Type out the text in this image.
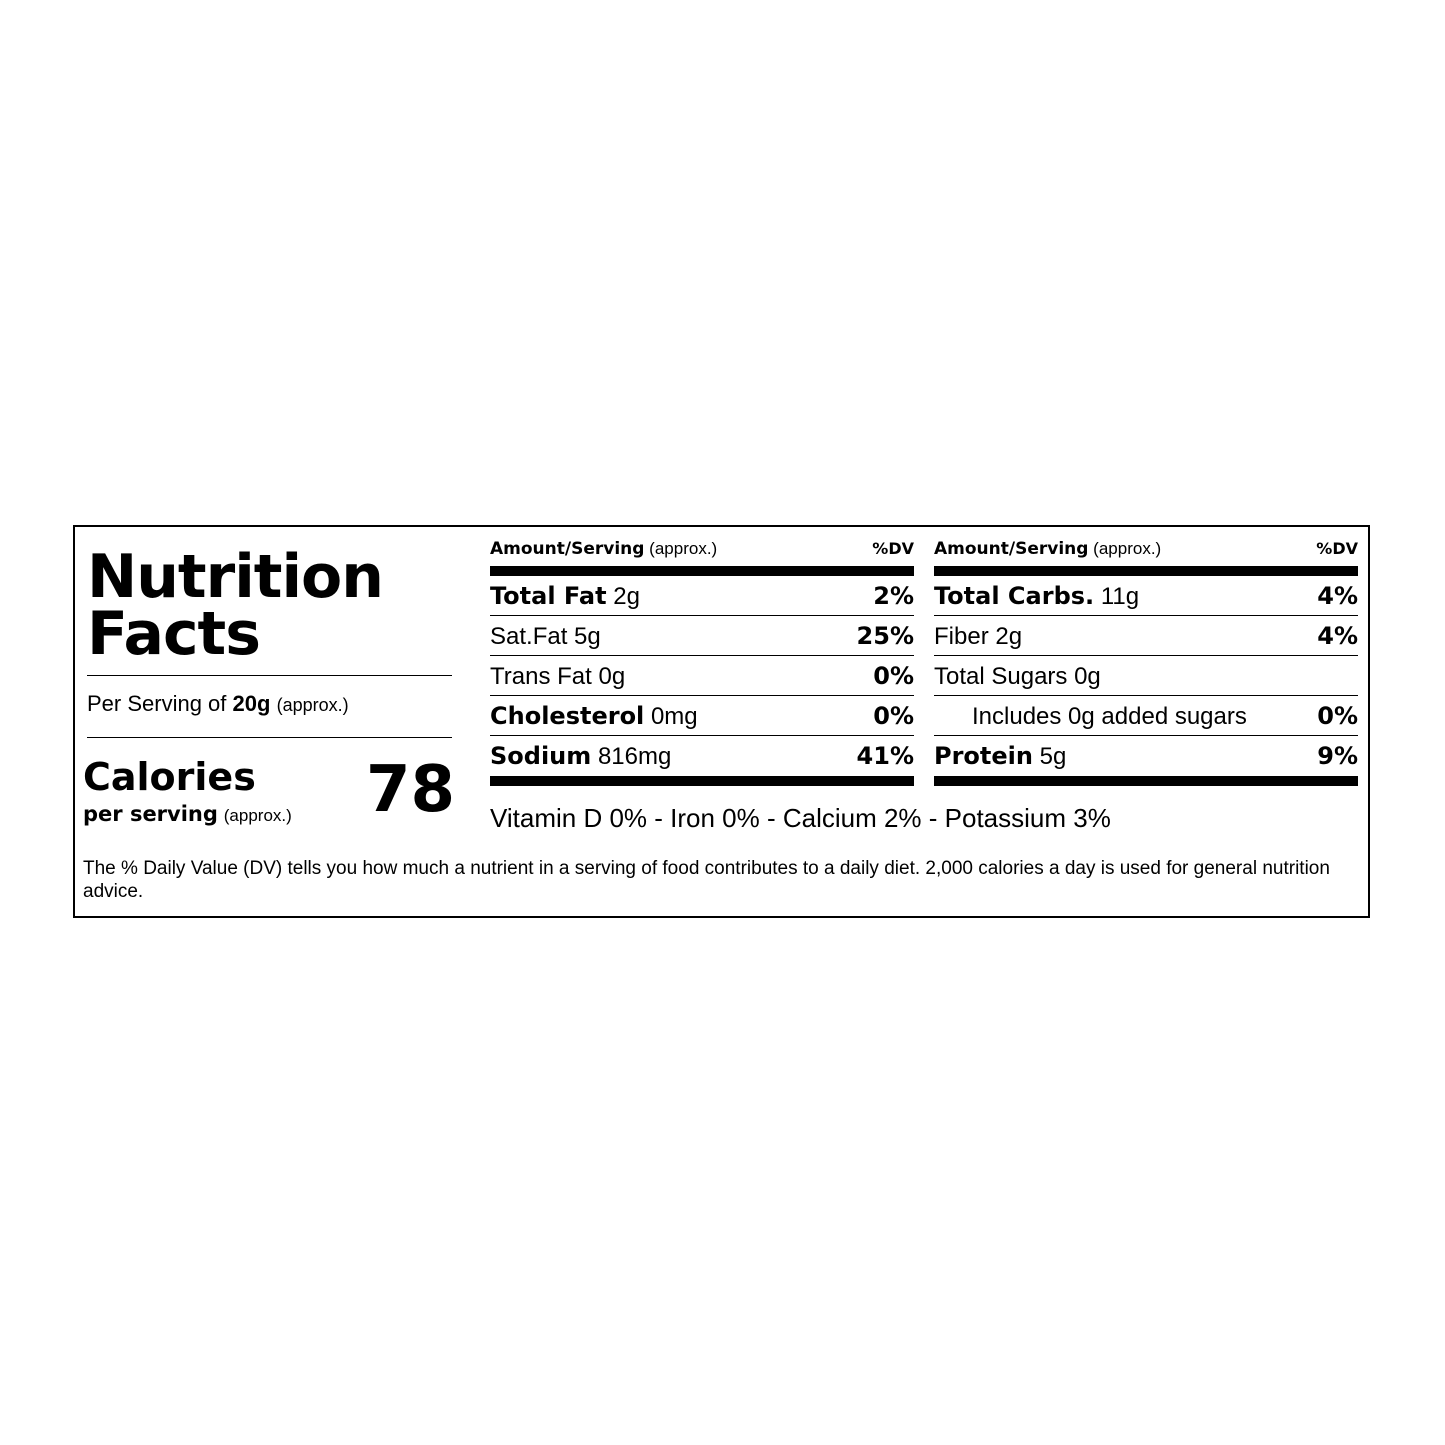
Nutrition
Facts
Per Serving of 20g (approx.)
Calories
per serving (approx.) 78
Amount/Serving (approx.)	%DV
Total Fat 2g	2%
Sat.Fat 5g	25%
Trans Fat 0g	0%
Cholesterol 0mg	0%
Sodium 816mg	41%
Amount/Serving (approx.)	%DV
Total Carbs. 11g	4%
Fiber 2g	4%
Total Sugars 0g
Includes 0g added sugars	0%
Protein 5g	9%
Vitamin D 0% - Iron 0% - Calcium 2% - Potassium 3%
The % Daily Value (DV) tells you how much a nutrient in a serving of food contributes to a daily diet. 2,000 calories a day is used for general nutrition advice.
